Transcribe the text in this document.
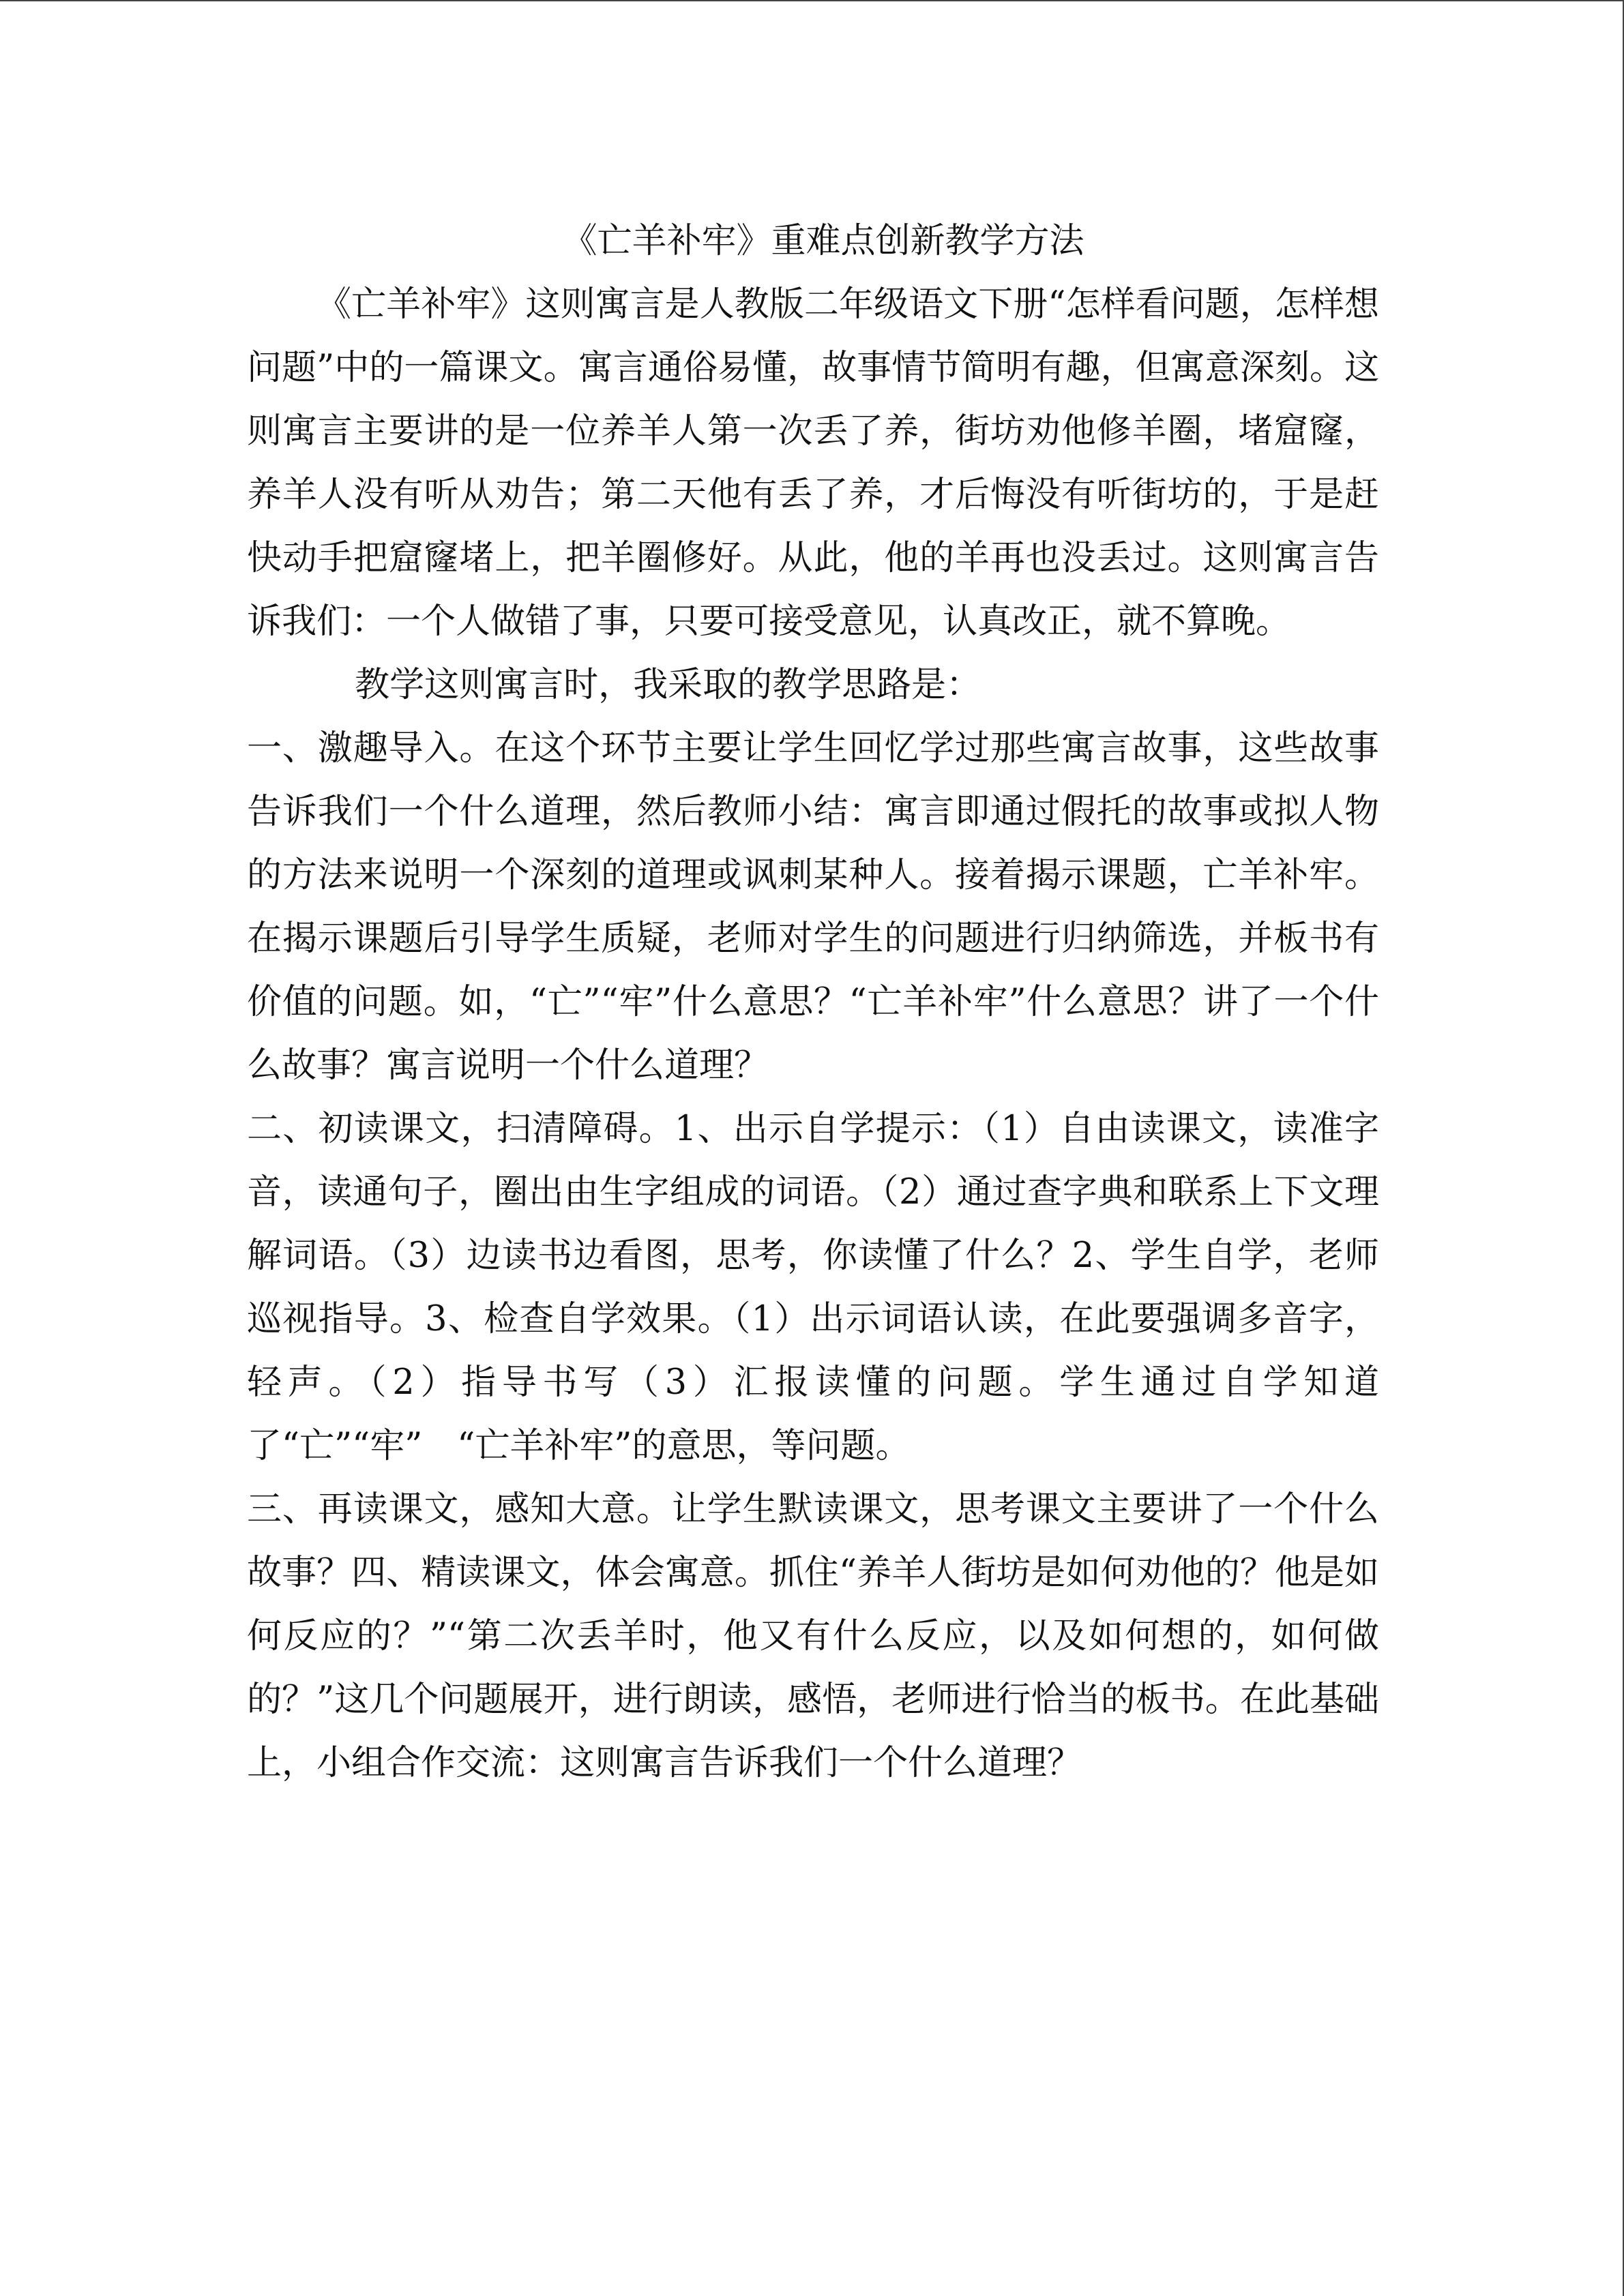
《亡羊补牢》重难点创新教学方法

《亡羊补牢》这则寓言是人教版二年级语文下册“怎样看问题，怎样想问题”中的一篇课文。寓言通俗易懂，故事情节简明有趣，但寓意深刻。这则寓言主要讲的是一位养羊人第一次丢了养，街坊劝他修羊圈，堵窟窿，养羊人没有听从劝告；第二天他有丢了养，才后悔没有听街坊的，于是赶快动手把窟窿堵上，把羊圈修好。从此，他的羊再也没丢过。这则寓言告诉我们：一个人做错了事，只要可接受意见，认真改正，就不算晚。

教学这则寓言时，我采取的教学思路是：

一、激趣导入。在这个环节主要让学生回忆学过那些寓言故事，这些故事告诉我们一个什么道理，然后教师小结：寓言即通过假托的故事或拟人物的方法来说明一个深刻的道理或讽刺某种人。接着揭示课题，亡羊补牢。在揭示课题后引导学生质疑，老师对学生的问题进行归纳筛选，并板书有价值的问题。如，“亡”“牢”什么意思？“亡羊补牢”什么意思？讲了一个什么故事？寓言说明一个什么道理？

二、初读课文，扫清障碍。1、出示自学提示：（1）自由读课文，读准字音，读通句子，圈出由生字组成的词语。（2）通过查字典和联系上下文理解词语。（3）边读书边看图，思考，你读懂了什么？2、学生自学，老师巡视指导。3、检查自学效果。（1）出示词语认读，在此要强调多音字，轻声。（2）指导书写（3）汇报读懂的问题。学生通过自学知道了“亡”“牢”　“亡羊补牢”的意思，等问题。

三、再读课文，感知大意。让学生默读课文，思考课文主要讲了一个什么故事？四、精读课文，体会寓意。抓住“养羊人街坊是如何劝他的？他是如何反应的？”“第二次丢羊时，他又有什么反应，以及如何想的，如何做的？”这几个问题展开，进行朗读，感悟，老师进行恰当的板书。在此基础上，小组合作交流：这则寓言告诉我们一个什么道理？
